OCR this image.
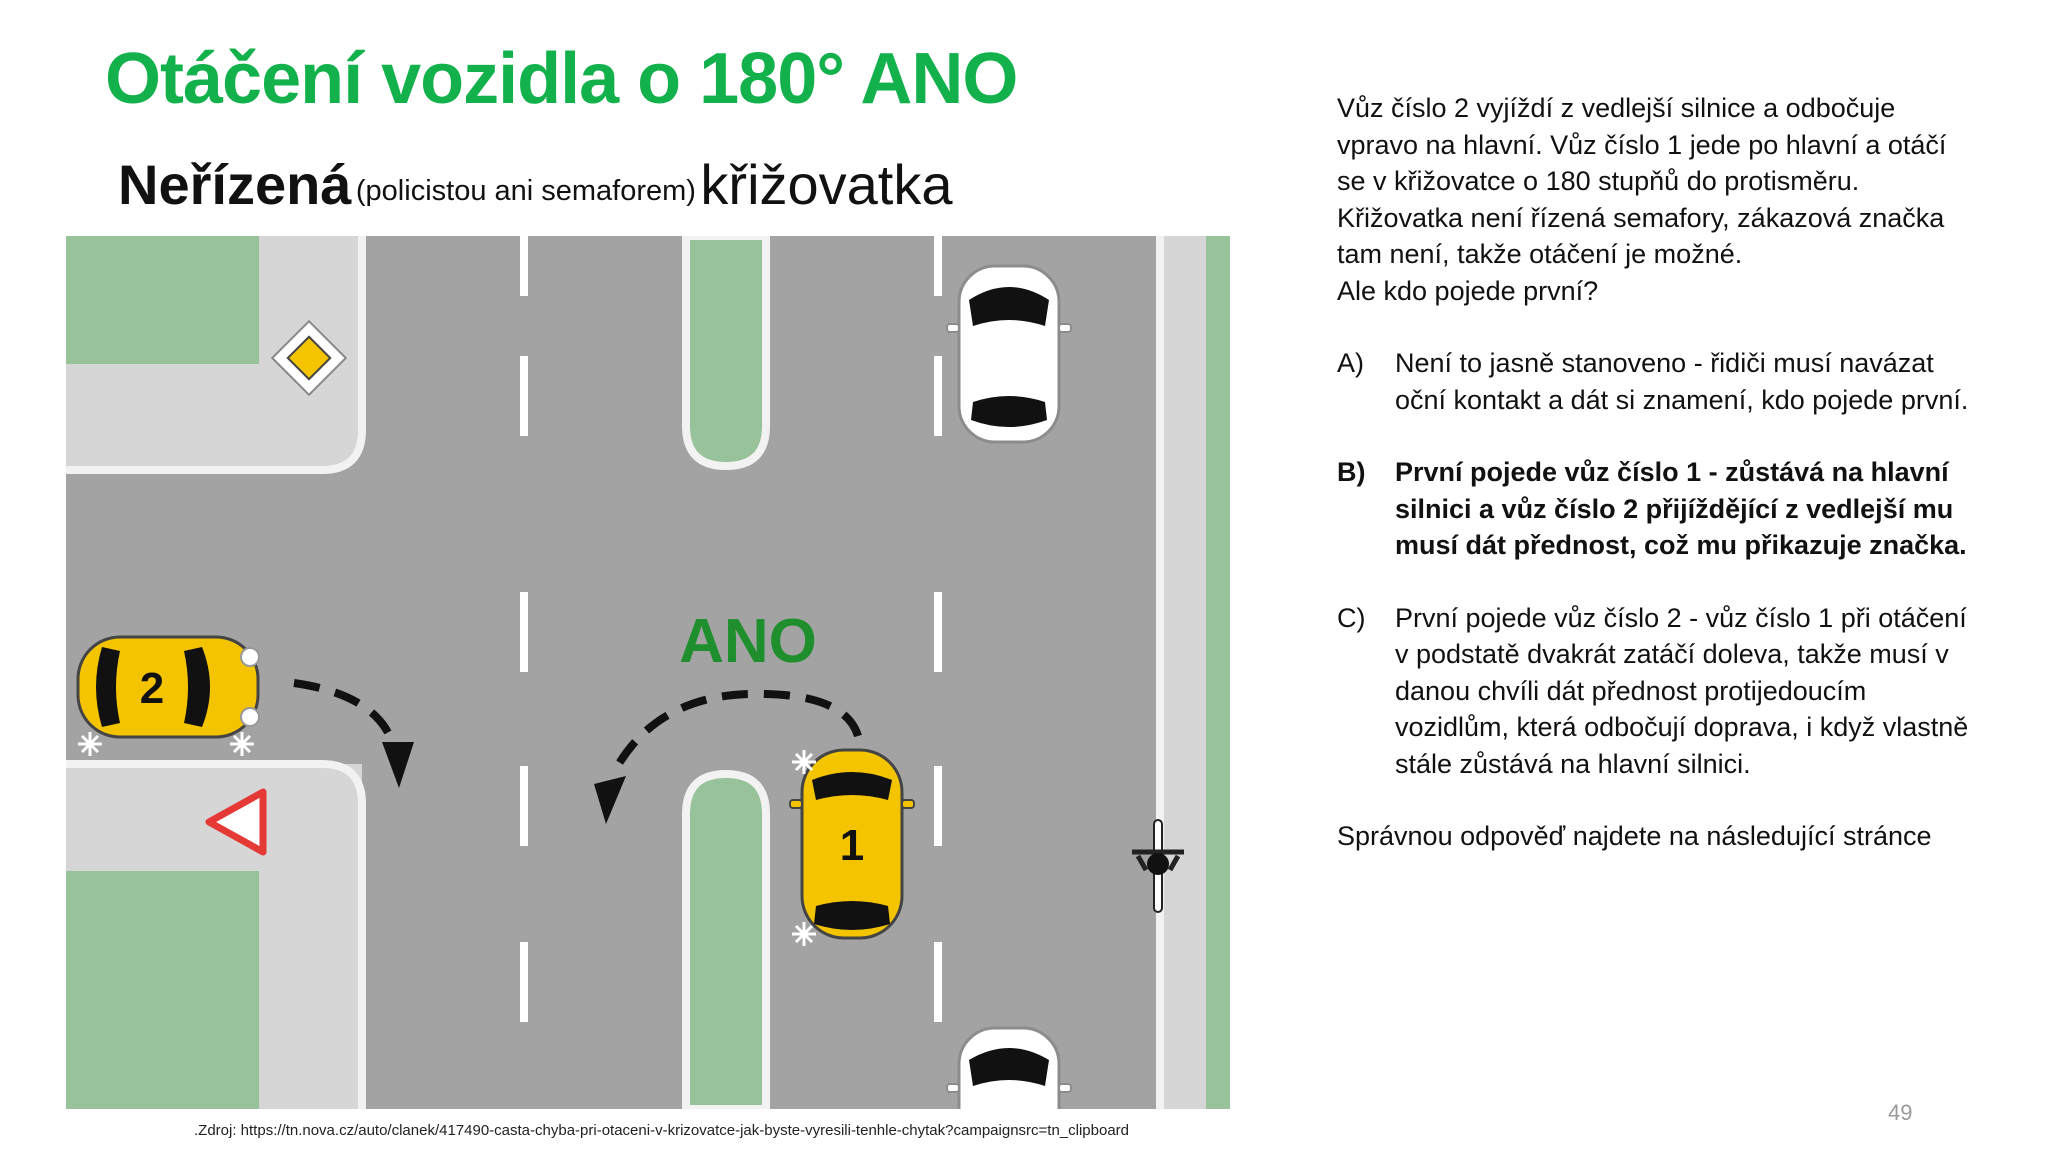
Otáčení vozidla o 180° ANO
Neřízená (policistou ani semaforem) křižovatka
2
1
ANO
.Zdroj: https://tn.nova.cz/auto/clanek/417490-casta-chyba-pri-otaceni-v-krizovatce-jak-byste-vyresili-tenhle-chytak?campaignsrc=tn_clipboard

Vůz číslo 2 vyjíždí z vedlejší silnice a odbočuje vpravo na hlavní. Vůz číslo 1 jede po hlavní a otáčí se v křižovatce o 180 stupňů do protisměru. Křižovatka není řízená semafory, zákazová značka tam není, takže otáčení je možné.
Ale kdo pojede první?

A)	Není to jasně stanoveno - řidiči musí navázat oční kontakt a dát si znamení, kdo pojede první.
B)	První pojede vůz číslo 1 - zůstává na hlavní silnici a vůz číslo 2 přijíždějící z vedlejší mu musí dát přednost, což mu přikazuje značka.
C)	První pojede vůz číslo 2 - vůz číslo 1 při otáčení v podstatě dvakrát zatáčí doleva, takže musí v danou chvíli dát přednost protijedoucím vozidlům, která odbočují doprava, i když vlastně stále zůstává na hlavní silnici.

Správnou odpověď najdete na následující stránce

49
